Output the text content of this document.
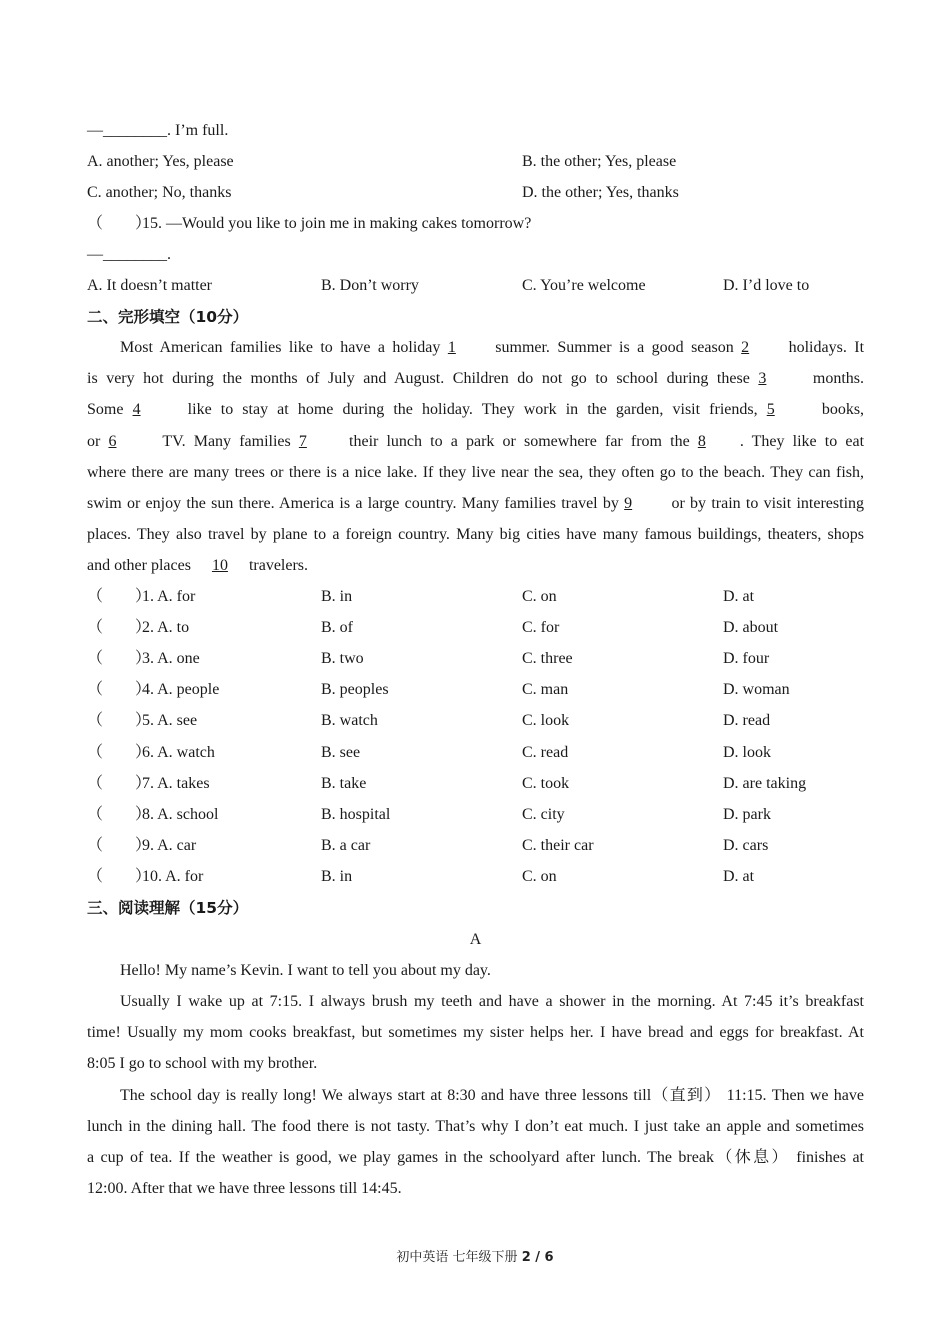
—________. I’m full.
A. another; Yes, please	B. the other; Yes, please
C. another; No, thanks	D. the other; Yes, thanks
（　　）15. —Would you like to join me in making cakes tomorrow?
—________.
A. It doesn’t matter	B. Don’t worry	C. You’re welcome	D. I’d love to
二、完形填空（10分）
Most American families like to have a holiday 1 summer. Summer is a good season 2 holidays. It
is very hot during the months of July and August. Children do not go to school during these 3	months.
Some 4	like to stay at home during the holiday. They work in the garden, visit friends, 5	books,
or 6	TV. Many families 7	their lunch to a park or somewhere far from the 8 . They like to eat
where there are many trees or there is a nice lake. If they live near the sea, they often go to the beach. They can fish,
swim or enjoy the sun there. America is a large country. Many families travel by 9 or by train to visit interesting
places. They also travel by plane to a foreign country. Many big cities have many famous buildings, theaters, shops
and other places 10 travelers.
（　　）1. A. for	B. in	C. on	D. at
（　　）2. A. to	B. of	C. for	D. about
（　　）3. A. one	B. two	C. three	D. four
（　　）4. A. people	B. peoples	C. man	D. woman
（　　）5. A. see	B. watch	C. look	D. read
（　　）6. A. watch	B. see	C. read	D. look
（　　）7. A. takes	B. take	C. took	D. are taking
（　　）8. A. school	B. hospital	C. city	D. park
（　　）9. A. car	B. a car	C. their car	D. cars
（　　）10. A. for	B. in	C. on	D. at
三、阅读理解（15分）
A
Hello! My name’s Kevin. I want to tell you about my day.
Usually I wake up at 7:15. I always brush my teeth and have a shower in the morning. At 7:45 it’s breakfast
time! Usually my mom cooks breakfast, but sometimes my sister helps her. I have bread and eggs for breakfast. At
8:05 I go to school with my brother.
The school day is really long! We always start at 8:30 and have three lessons till（直到） 11:15. Then we have
lunch in the dining hall. The food there is not tasty. That’s why I don’t eat much. I just take an apple and sometimes
a cup of tea. If the weather is good, we play games in the schoolyard after lunch. The break（休息） finishes at
12:00. After that we have three lessons till 14:45.
初中英语 七年级下册 2 / 6
